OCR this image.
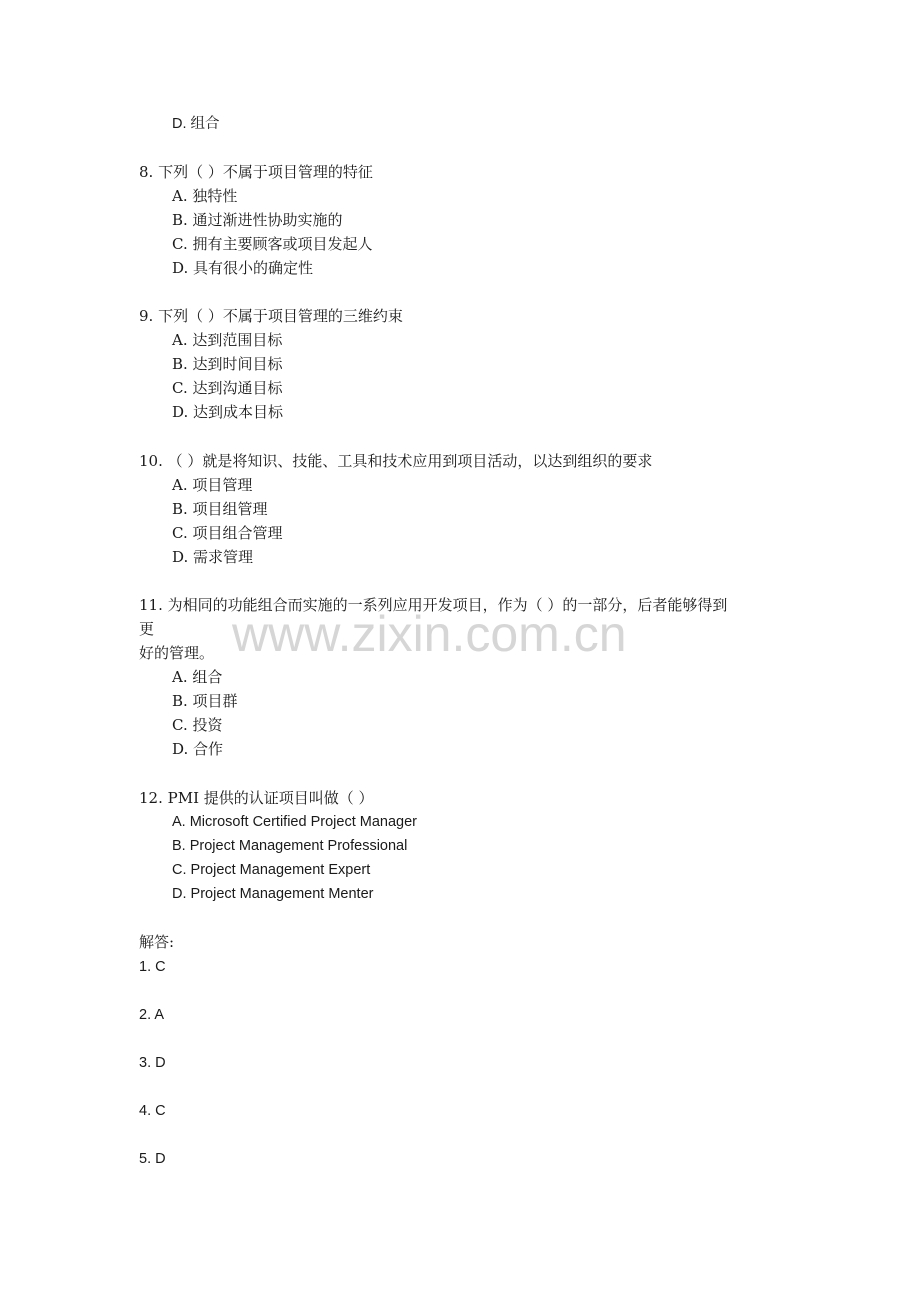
D. 组合
8. 下列（ ）不属于项目管理的特征
A. 独特性
B. 通过渐进性协助实施的
C. 拥有主要顾客或项目发起人
D. 具有很小的确定性
9. 下列（ ）不属于项目管理的三维约束
A. 达到范围目标
B. 达到时间目标
C. 达到沟通目标
D. 达到成本目标
10. （ ）就是将知识、技能、工具和技术应用到项目活动，以达到组织的要求
A. 项目管理
B. 项目组管理
C. 项目组合管理
D. 需求管理
www.zixin.com.cn
11. 为相同的功能组合而实施的一系列应用开发项目，作为（ ）的一部分，后者能够得到
更
好的管理。
A. 组合
B. 项目群
C. 投资
D. 合作
12. PMI 提供的认证项目叫做（ ）
A. Microsoft Certified Project Manager
B. Project Management Professional
C. Project Management Expert
D. Project Management Menter
解答:
1. C
2. A
3. D
4. C
5. D
